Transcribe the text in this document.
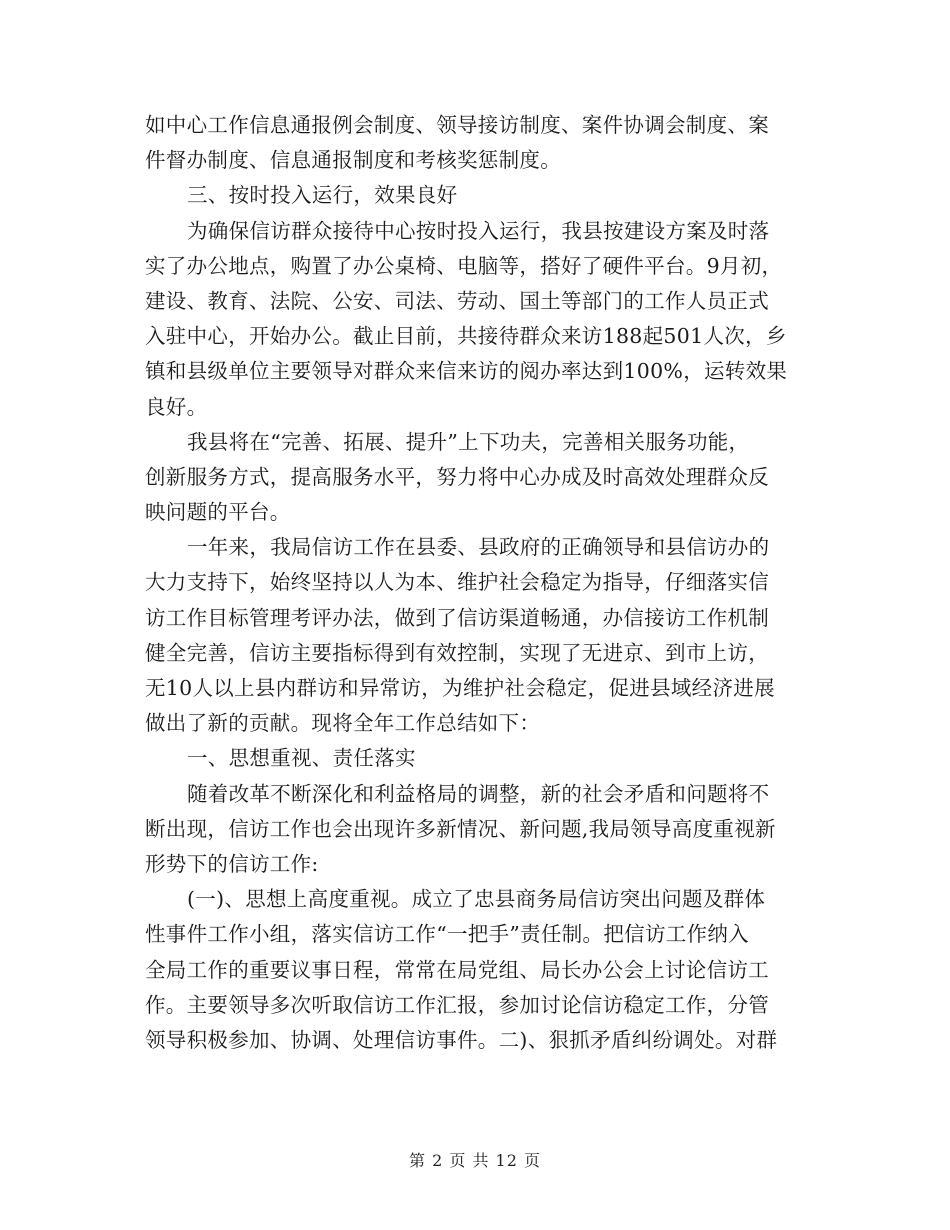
如中心工作信息通报例会制度、领导接访制度、案件协调会制度、案
件督办制度、信息通报制度和考核奖惩制度。
三、按时投入运行，效果良好
为确保信访群众接待中心按时投入运行，我县按建设方案及时落
实了办公地点，购置了办公桌椅、电脑等，搭好了硬件平台。9月初，
建设、教育、法院、公安、司法、劳动、国土等部门的工作人员正式
入驻中心，开始办公。截止目前，共接待群众来访188起501人次，乡
镇和县级单位主要领导对群众来信来访的阅办率达到100%，运转效果
良好。
我县将在“完善、拓展、提升”上下功夫，完善相关服务功能，
创新服务方式，提高服务水平，努力将中心办成及时高效处理群众反
映问题的平台。
一年来，我局信访工作在县委、县政府的正确领导和县信访办的
大力支持下，始终坚持以人为本、维护社会稳定为指导，仔细落实信
访工作目标管理考评办法，做到了信访渠道畅通，办信接访工作机制
健全完善，信访主要指标得到有效控制，实现了无进京、到市上访，
无10人以上县内群访和异常访，为维护社会稳定，促进县域经济进展
做出了新的贡献。现将全年工作总结如下：
一、思想重视、责任落实
随着改革不断深化和利益格局的调整，新的社会矛盾和问题将不
断出现，信访工作也会出现许多新情况、新问题,我局领导高度重视新
形势下的信访工作:
(一)、思想上高度重视。成立了忠县商务局信访突出问题及群体
性事件工作小组，落实信访工作“一把手”责任制。把信访工作纳入
全局工作的重要议事日程，常常在局党组、局长办公会上讨论信访工
作。主要领导多次听取信访工作汇报，参加讨论信访稳定工作，分管
领导积极参加、协调、处理信访事件。二)、狠抓矛盾纠纷调处。对群
第 2 页 共 12 页
